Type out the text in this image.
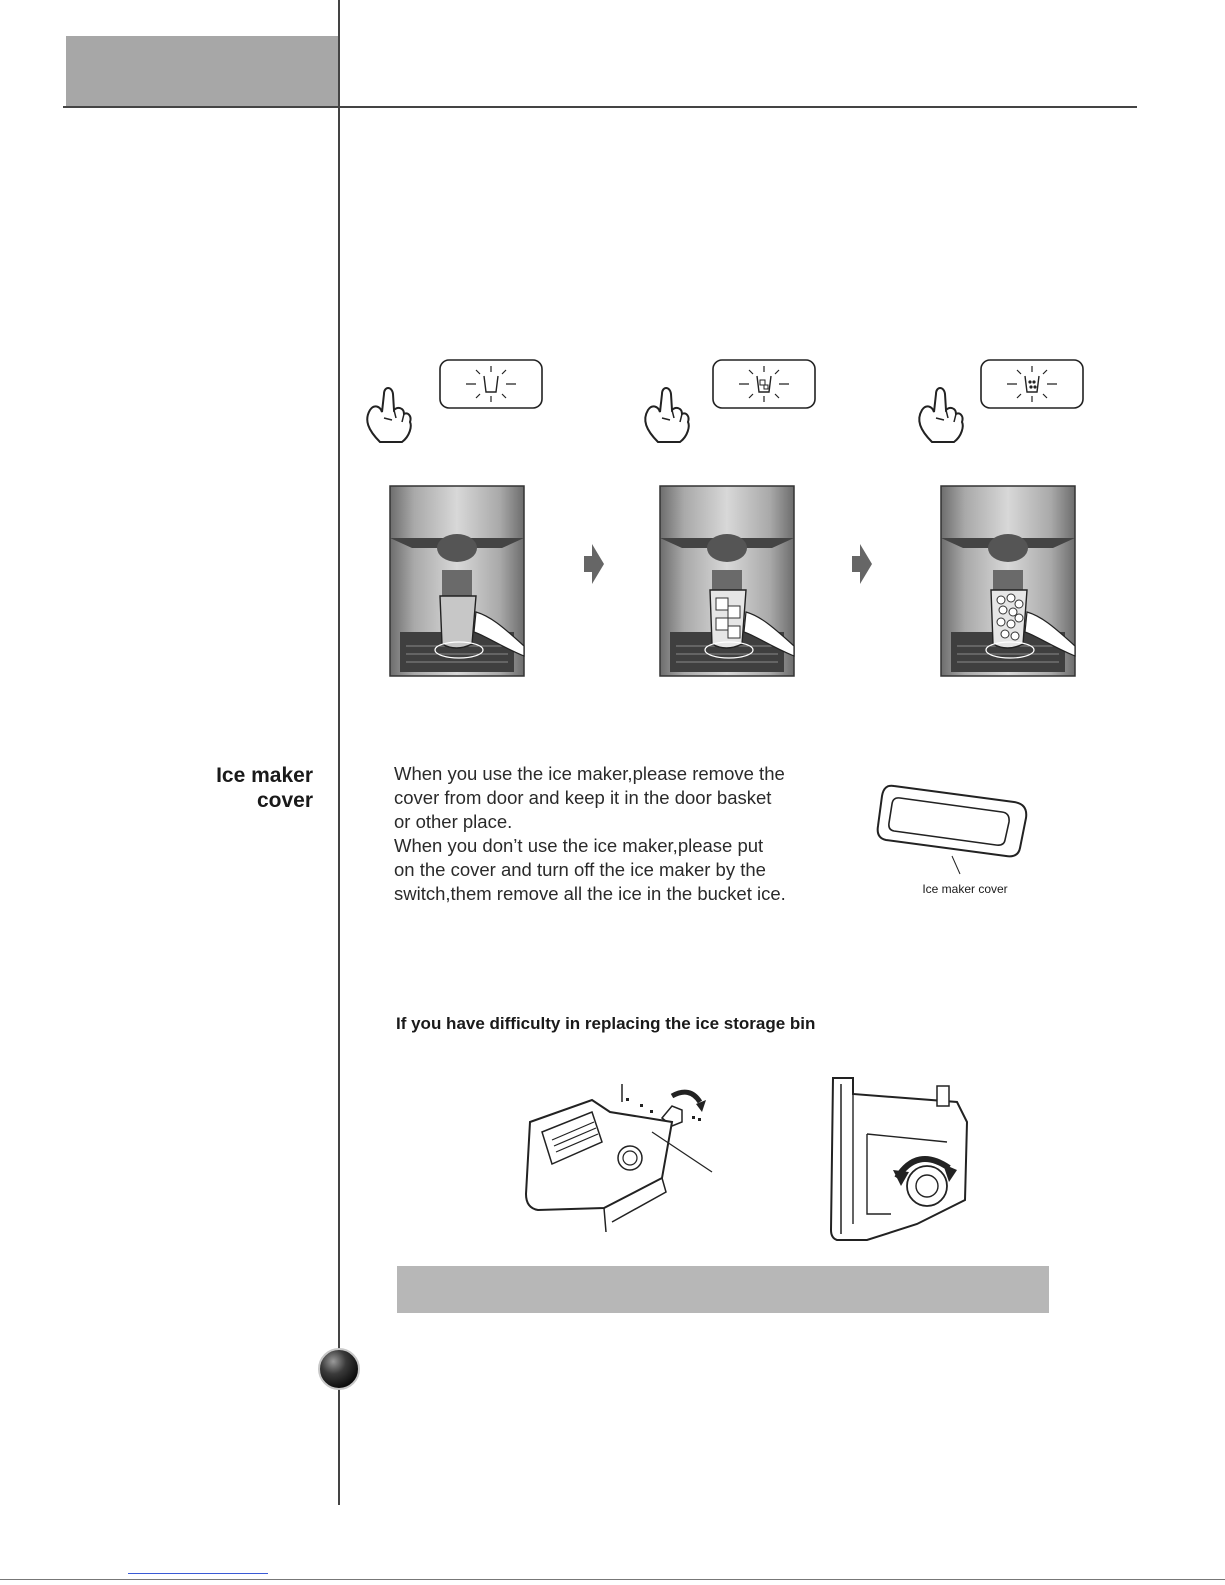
Ice maker
cover

When you use the ice maker,please remove the

cover from door and keep it in the door basket

or other place.

When you don’t use the ice maker,please put

on the cover and turn off the ice maker by the

switch,them remove all the ice in the bucket ice.	Ice maker cover
If you have difficulty in replacing the ice storage bin
